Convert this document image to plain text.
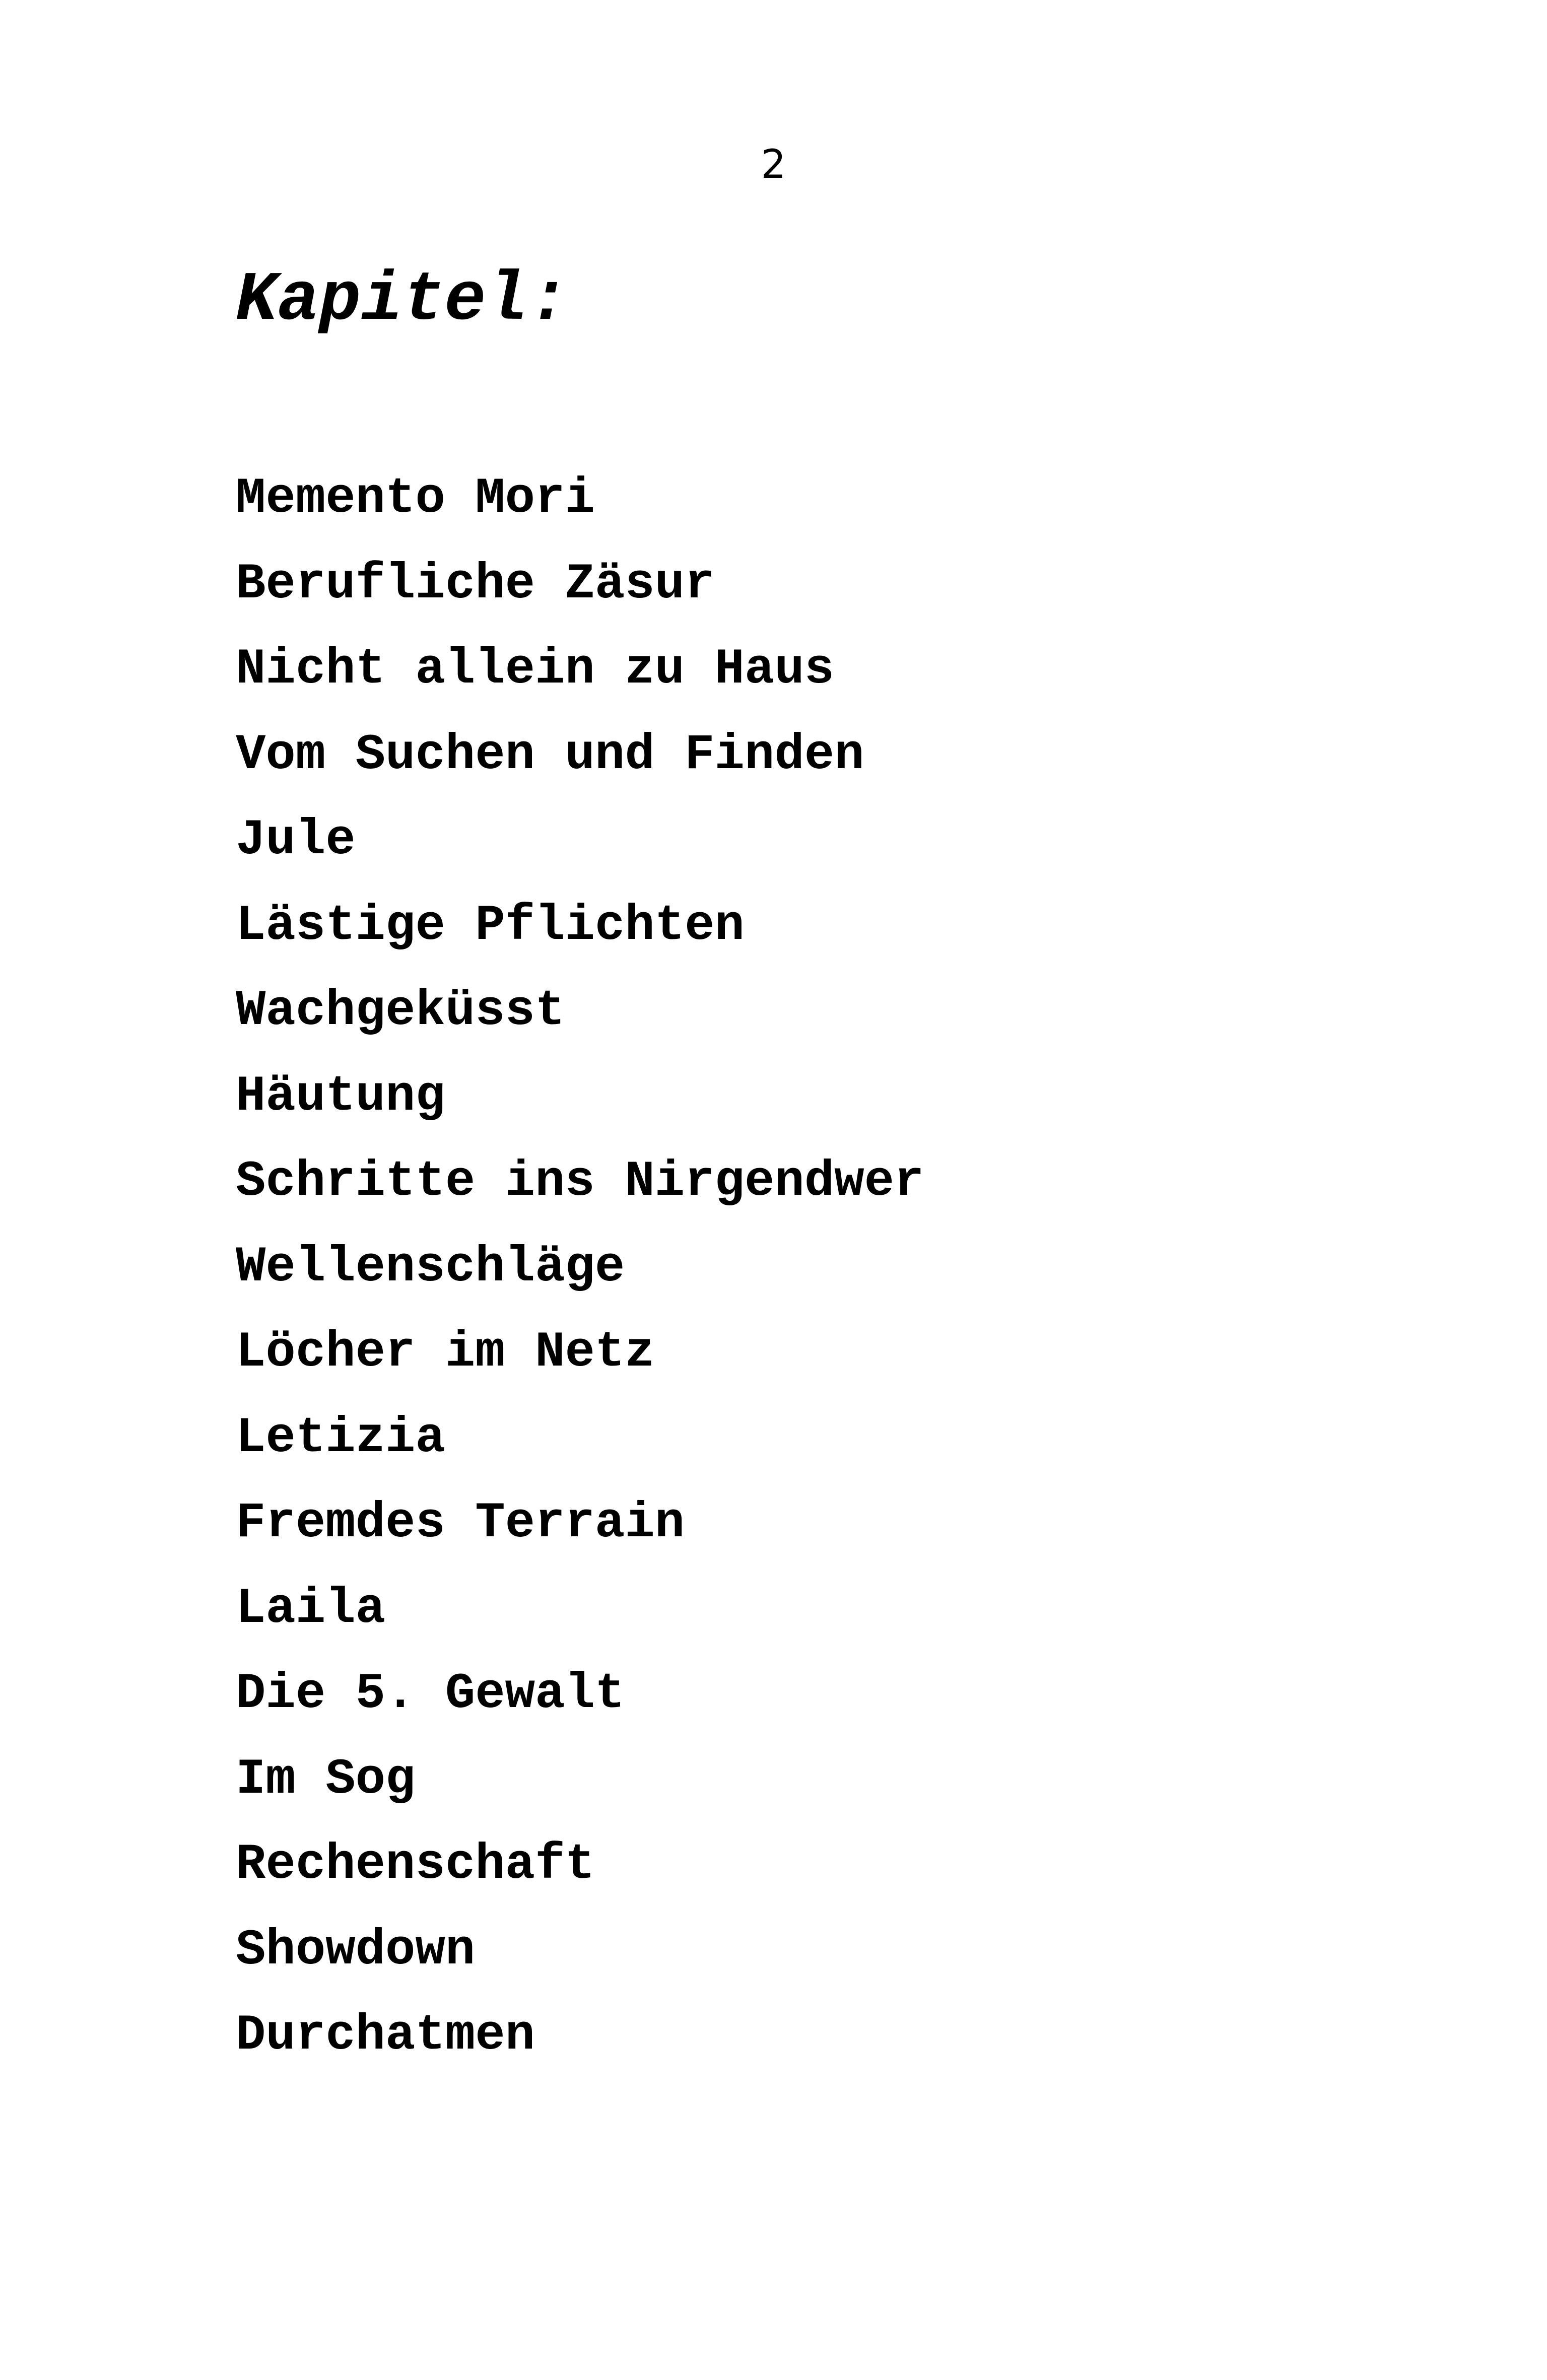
2
Kapitel:
Memento Mori
Berufliche Zäsur
Nicht allein zu Haus
Vom Suchen und Finden
Jule
Lästige Pflichten
Wachgeküsst
Häutung
Schritte ins Nirgendwer
Wellenschläge
Löcher im Netz
Letizia
Fremdes Terrain
Laila
Die 5. Gewalt
Im Sog
Rechenschaft
Showdown
Durchatmen
